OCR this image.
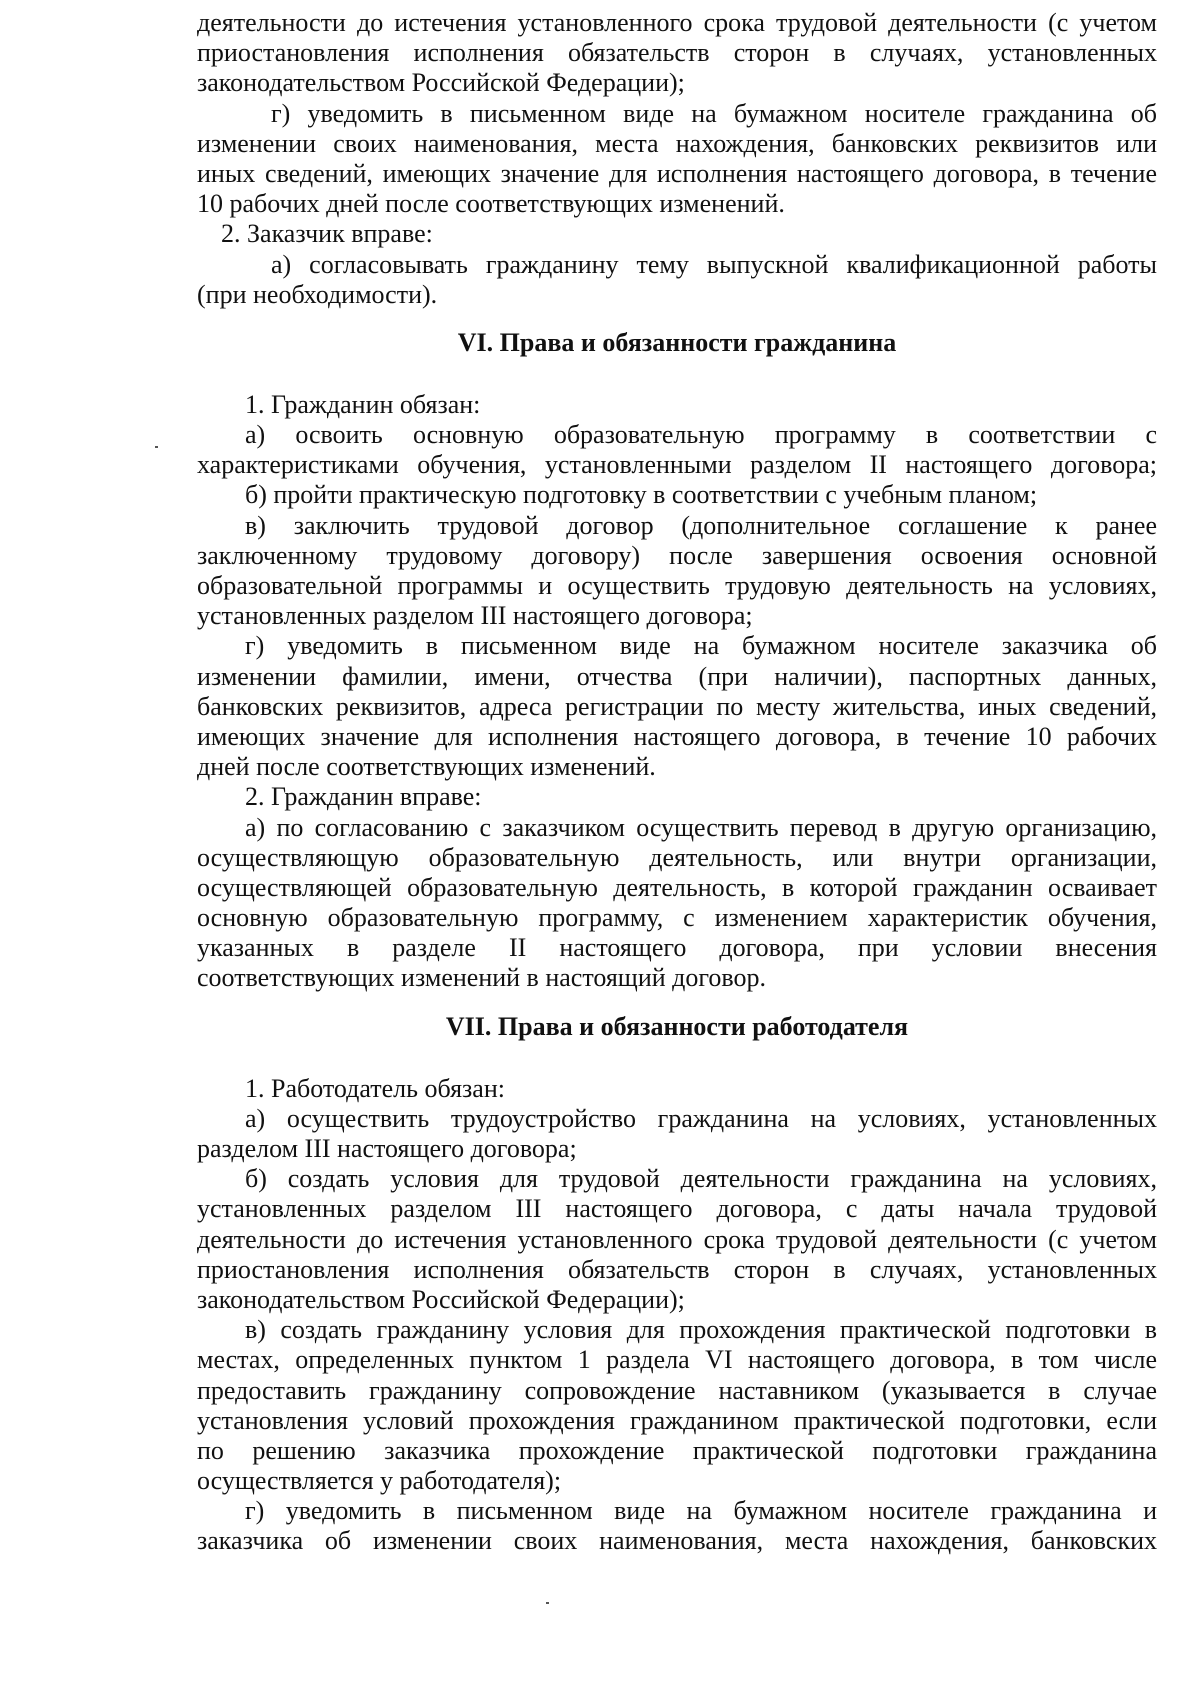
деятельности до истечения установленного срока трудовой деятельности (с учетом
приостановления исполнения обязательств сторон в случаях, установленных
законодательством Российской Федерации);
г) уведомить в письменном виде на бумажном носителе гражданина об
изменении своих наименования, места нахождения, банковских реквизитов или
иных сведений, имеющих значение для исполнения настоящего договора, в течение
10 рабочих дней после соответствующих изменений.
2. Заказчик вправе:
а) согласовывать гражданину тему выпускной квалификационной работы
(при необходимости).
VI. Права и обязанности гражданина
1. Гражданин обязан:
а) освоить основную образовательную программу в соответствии с
характеристиками обучения, установленными разделом II настоящего договора;
б) пройти практическую подготовку в соответствии с учебным планом;
в) заключить трудовой договор (дополнительное соглашение к ранее
заключенному трудовому договору) после завершения освоения основной
образовательной программы и осуществить трудовую деятельность на условиях,
установленных разделом III настоящего договора;
г) уведомить в письменном виде на бумажном носителе заказчика об
изменении фамилии, имени, отчества (при наличии), паспортных данных,
банковских реквизитов, адреса регистрации по месту жительства, иных сведений,
имеющих значение для исполнения настоящего договора, в течение 10 рабочих
дней после соответствующих изменений.
2. Гражданин вправе:
а) по согласованию с заказчиком осуществить перевод в другую организацию,
осуществляющую образовательную деятельность, или внутри организации,
осуществляющей образовательную деятельность, в которой гражданин осваивает
основную образовательную программу, с изменением характеристик обучения,
указанных в разделе II настоящего договора, при условии внесения
соответствующих изменений в настоящий договор.
VII. Права и обязанности работодателя
1. Работодатель обязан:
а) осуществить трудоустройство гражданина на условиях, установленных
разделом III настоящего договора;
б) создать условия для трудовой деятельности гражданина на условиях,
установленных разделом III настоящего договора, с даты начала трудовой
деятельности до истечения установленного срока трудовой деятельности (с учетом
приостановления исполнения обязательств сторон в случаях, установленных
законодательством Российской Федерации);
в) создать гражданину условия для прохождения практической подготовки в
местах, определенных пунктом 1 раздела VI настоящего договора, в том числе
предоставить гражданину сопровождение наставником (указывается в случае
установления условий прохождения гражданином практической подготовки, если
по решению заказчика прохождение практической подготовки гражданина
осуществляется у работодателя);
г) уведомить в письменном виде на бумажном носителе гражданина и
заказчика об изменении своих наименования, места нахождения, банковских
